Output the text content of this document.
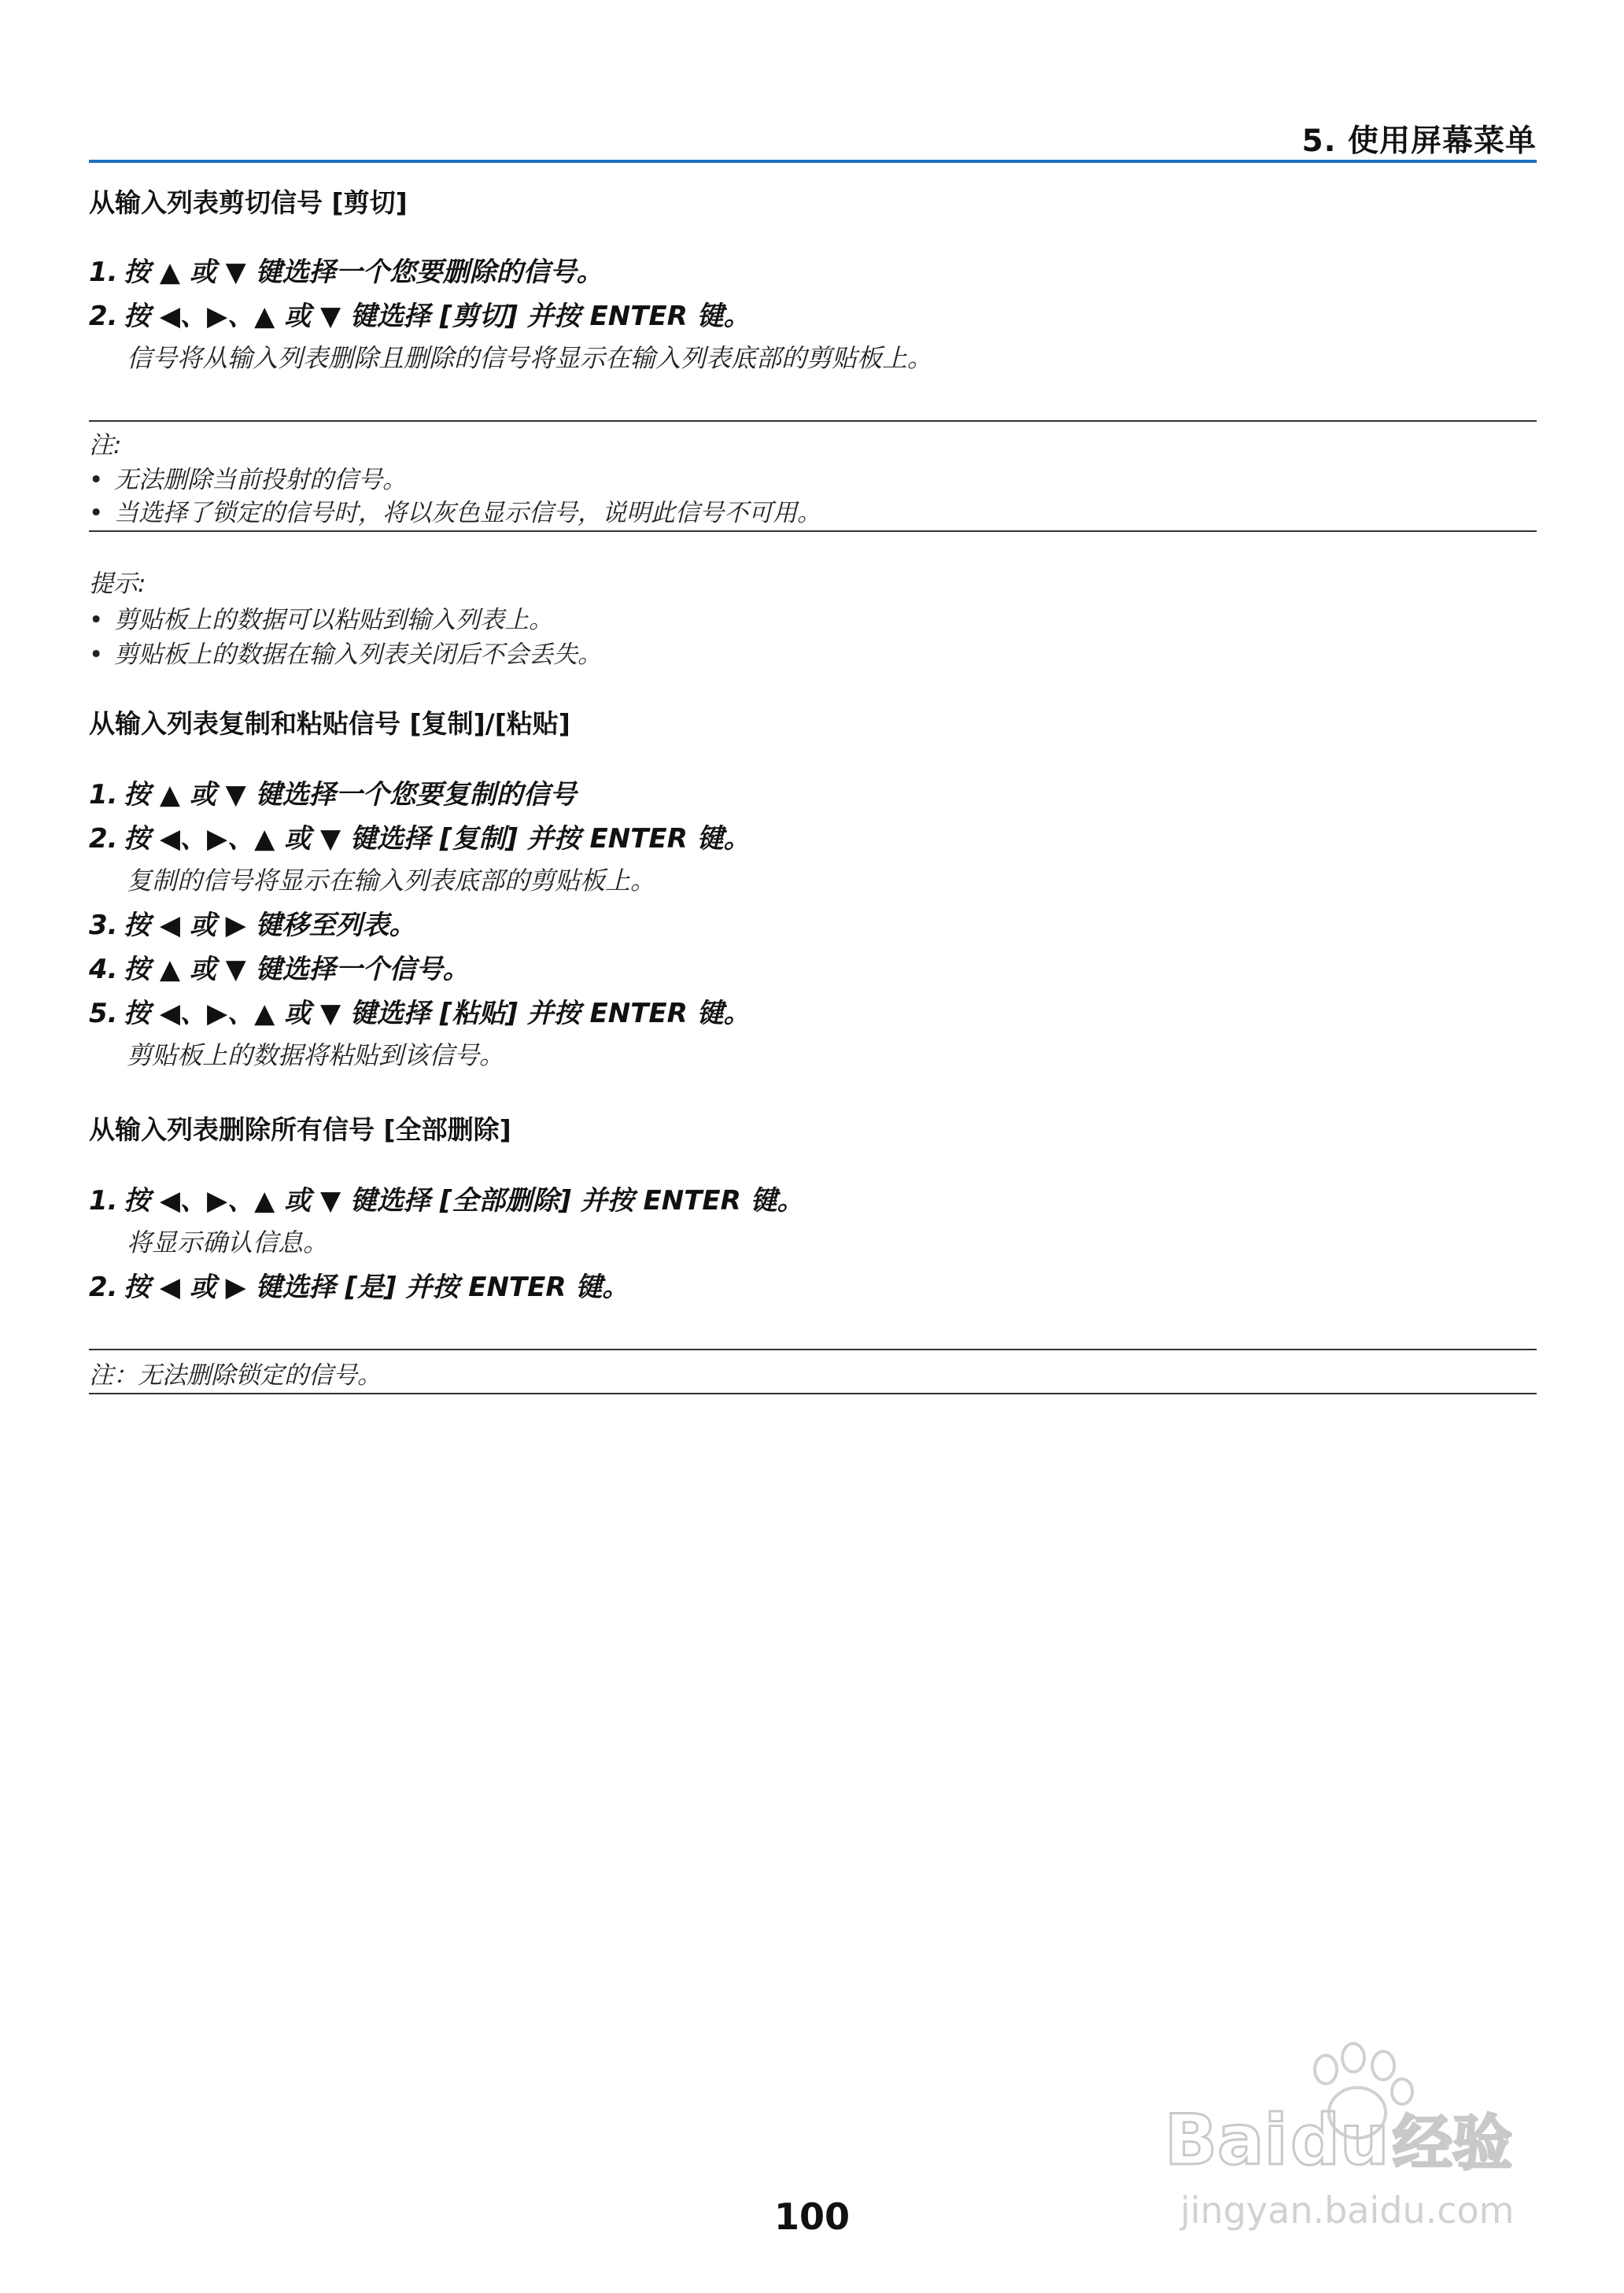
5. 使用屏幕菜单
从输入列表剪切信号 [剪切]
1. 按 ▲ 或 ▼ 键选择一个您要删除的信号。
2. 按 ◀、▶、▲ 或 ▼ 键选择 [剪切] 并按 ENTER 键。
信号将从输入列表删除且删除的信号将显示在输入列表底部的剪贴板上。
注:
• 无法删除当前投射的信号。
• 当选择了锁定的信号时，将以灰色显示信号，说明此信号不可用。
提示:
• 剪贴板上的数据可以粘贴到输入列表上。
• 剪贴板上的数据在输入列表关闭后不会丢失。
从输入列表复制和粘贴信号 [复制]/[粘贴]
1. 按 ▲ 或 ▼ 键选择一个您要复制的信号
2. 按 ◀、▶、▲ 或 ▼ 键选择 [复制] 并按 ENTER 键。
复制的信号将显示在输入列表底部的剪贴板上。
3. 按 ◀ 或 ▶ 键移至列表。
4. 按 ▲ 或 ▼ 键选择一个信号。
5. 按 ◀、▶、▲ 或 ▼ 键选择 [粘贴] 并按 ENTER 键。
剪贴板上的数据将粘贴到该信号。
从输入列表删除所有信号 [全部删除]
1. 按 ◀、▶、▲ 或 ▼ 键选择 [全部删除] 并按 ENTER 键。
将显示确认信息。
2. 按 ◀ 或 ▶ 键选择 [是] 并按 ENTER 键。
注：无法删除锁定的信号。
100
Bai du 经验
jingyan.baidu.com
